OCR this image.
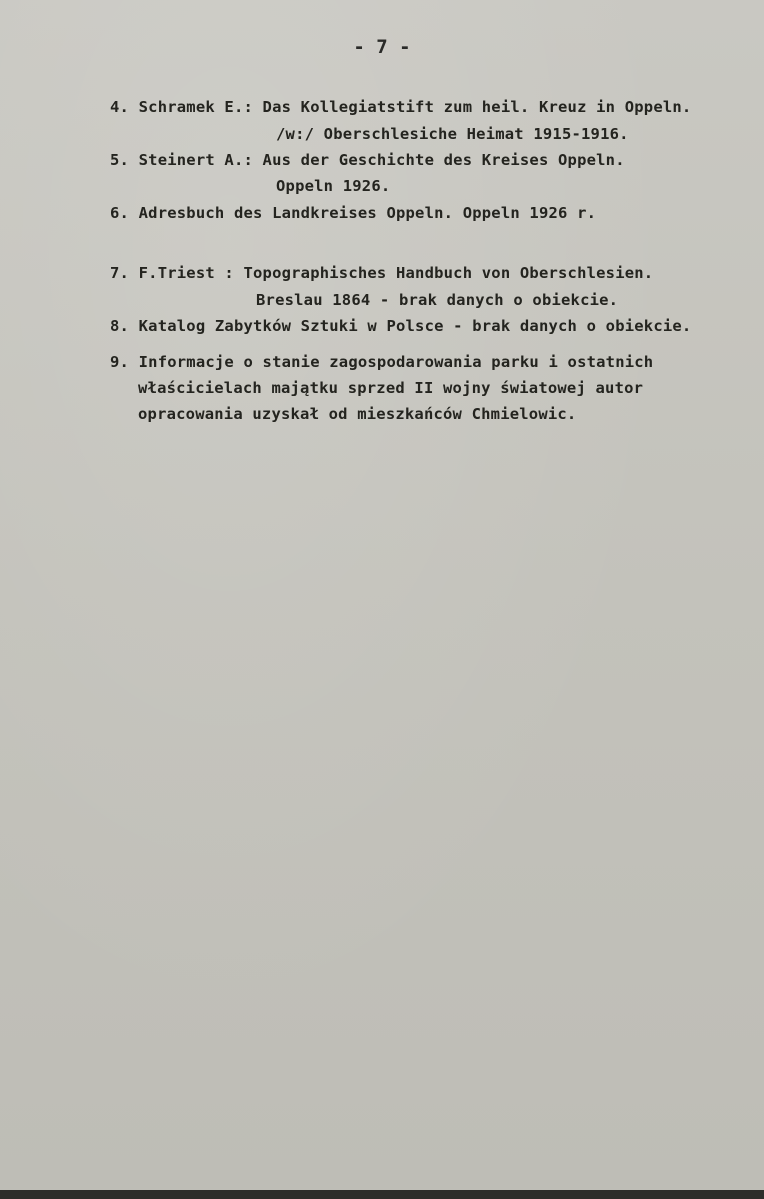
- 7 -
4. Schramek E.: Das Kollegiatstift zum heil. Kreuz in Oppeln.
/w:/ Oberschlesiche Heimat 1915-1916.
5. Steinert A.: Aus der Geschichte des Kreises Oppeln.
Oppeln 1926.
6. Adresbuch des Landkreises Oppeln. Oppeln 1926 r.
7. F.Triest : Topographisches Handbuch von Oberschlesien.
Breslau 1864 - brak danych o obiekcie.
8. Katalog Zabytków Sztuki w Polsce - brak danych o obiekcie.
9. Informacje o stanie zagospodarowania parku i ostatnich
właścicielach majątku sprzed II wojny światowej autor
opracowania uzyskał od mieszkańców Chmielowic.
